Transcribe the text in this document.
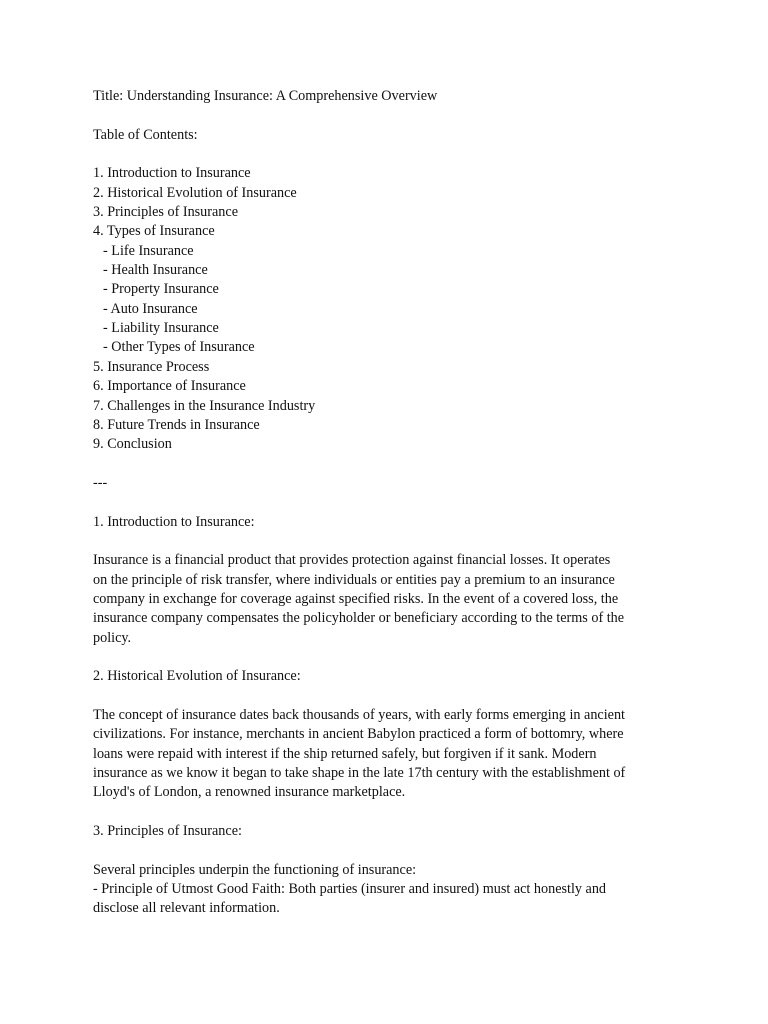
Title: Understanding Insurance: A Comprehensive Overview
Table of Contents:
1. Introduction to Insurance
2. Historical Evolution of Insurance
3. Principles of Insurance
4. Types of Insurance
- Life Insurance
- Health Insurance
- Property Insurance
- Auto Insurance
- Liability Insurance
- Other Types of Insurance
5. Insurance Process
6. Importance of Insurance
7. Challenges in the Insurance Industry
8. Future Trends in Insurance
9. Conclusion
---
1. Introduction to Insurance:
Insurance is a financial product that provides protection against financial losses. It operates
on the principle of risk transfer, where individuals or entities pay a premium to an insurance
company in exchange for coverage against specified risks. In the event of a covered loss, the
insurance company compensates the policyholder or beneficiary according to the terms of the
policy.
2. Historical Evolution of Insurance:
The concept of insurance dates back thousands of years, with early forms emerging in ancient
civilizations. For instance, merchants in ancient Babylon practiced a form of bottomry, where
loans were repaid with interest if the ship returned safely, but forgiven if it sank. Modern
insurance as we know it began to take shape in the late 17th century with the establishment of
Lloyd's of London, a renowned insurance marketplace.
3. Principles of Insurance:
Several principles underpin the functioning of insurance:
- Principle of Utmost Good Faith: Both parties (insurer and insured) must act honestly and
disclose all relevant information.
